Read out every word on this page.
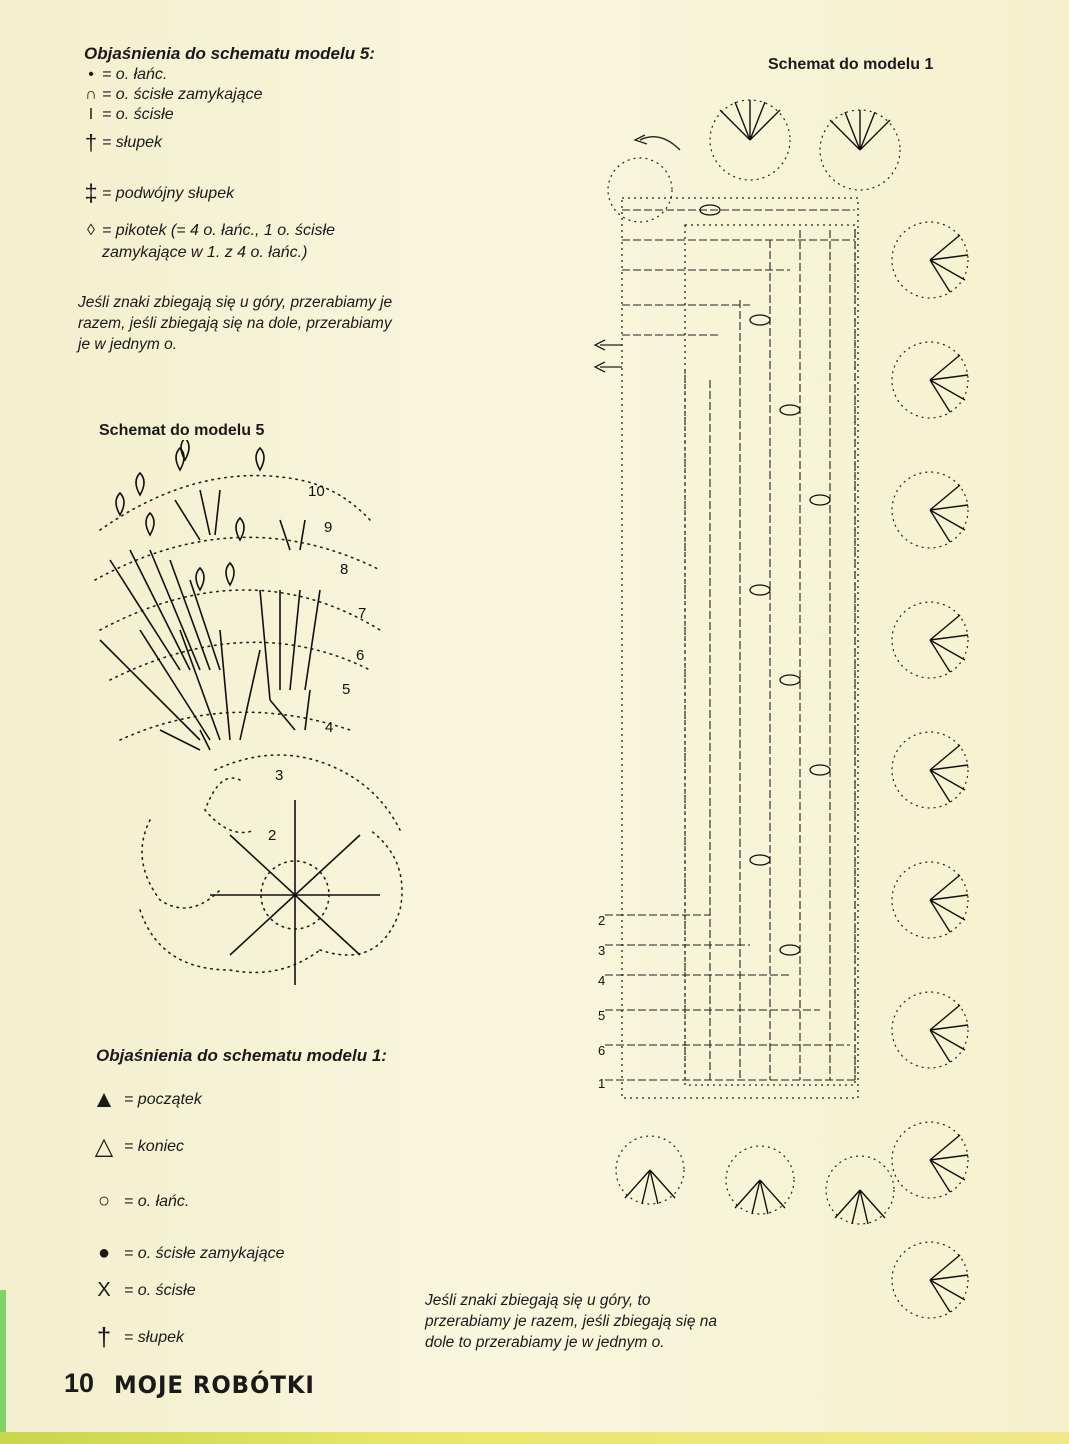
Objaśnienia do schematu modelu 5:
• = o. łańc.
∩ = o. ścisłe zamykające
I = o. ścisłe
† = słupek
‡ = podwójny słupek
◊ = pikotek (= 4 o. łańc., 1 o. ścisłe zamykające w 1. z 4 o. łańc.)
Jeśli znaki zbiegają się u góry, przerabiamy je razem, jeśli zbiegają się na dole, przerabiamy je w jednym o.
Schemat do modelu 5
2
3
4
5
6
7
8
9
10
Schemat do modelu 1
2
3
4
5
6
1
Objaśnienia do schematu modelu 1:
▲ = początek
△ = koniec
○ = o. łańc.
● = o. ścisłe zamykające
X = o. ścisłe
† = słupek
Jeśli znaki zbiegają się u góry, to przerabiamy je razem, jeśli zbiegają się na dole to przerabiamy je w jednym o.
10 MOJE ROBÓTKI
